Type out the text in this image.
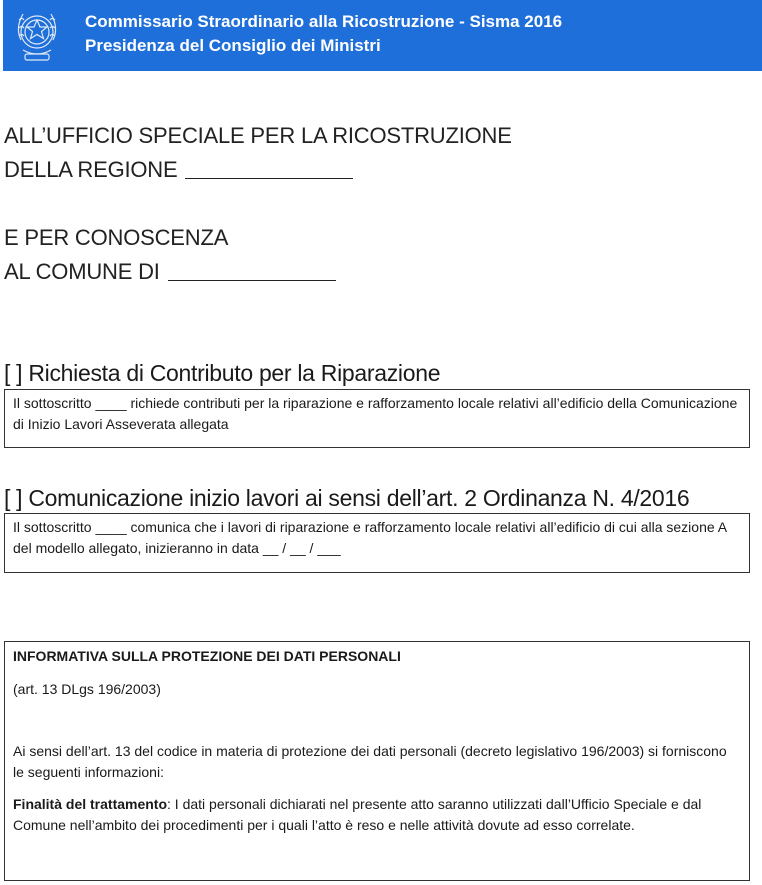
Commissario Straordinario alla Ricostruzione - Sisma 2016
Presidenza del Consiglio dei Ministri
ALL’UFFICIO SPECIALE PER LA RICOSTRUZIONE
DELLA REGIONE
E PER CONOSCENZA
AL COMUNE DI
[ ] Richiesta di Contributo per la Riparazione
Il sottoscritto ____ richiede contributi per la riparazione e rafforzamento locale relativi all’edificio della Comunicazione di Inizio Lavori Asseverata allegata
[ ] Comunicazione inizio lavori ai sensi dell’art. 2 Ordinanza N. 4/2016
Il sottoscritto ____ comunica che i lavori di riparazione e rafforzamento locale relativi all’edificio di cui alla sezione A del modello allegato, inizieranno in data __ / __ / ___

INFORMATIVA SULLA PROTEZIONE DEI DATI PERSONALI

(art. 13 DLgs 196/2003)

Ai sensi dell’art. 13 del codice in materia di protezione dei dati personali (decreto legislativo 196/2003) si forniscono le seguenti informazioni:

Finalità del trattamento: I dati personali dichiarati nel presente atto saranno utilizzati dall’Ufficio Speciale e dal Comune nell’ambito dei procedimenti per i quali l’atto è reso e nelle attività dovute ad esso correlate.
